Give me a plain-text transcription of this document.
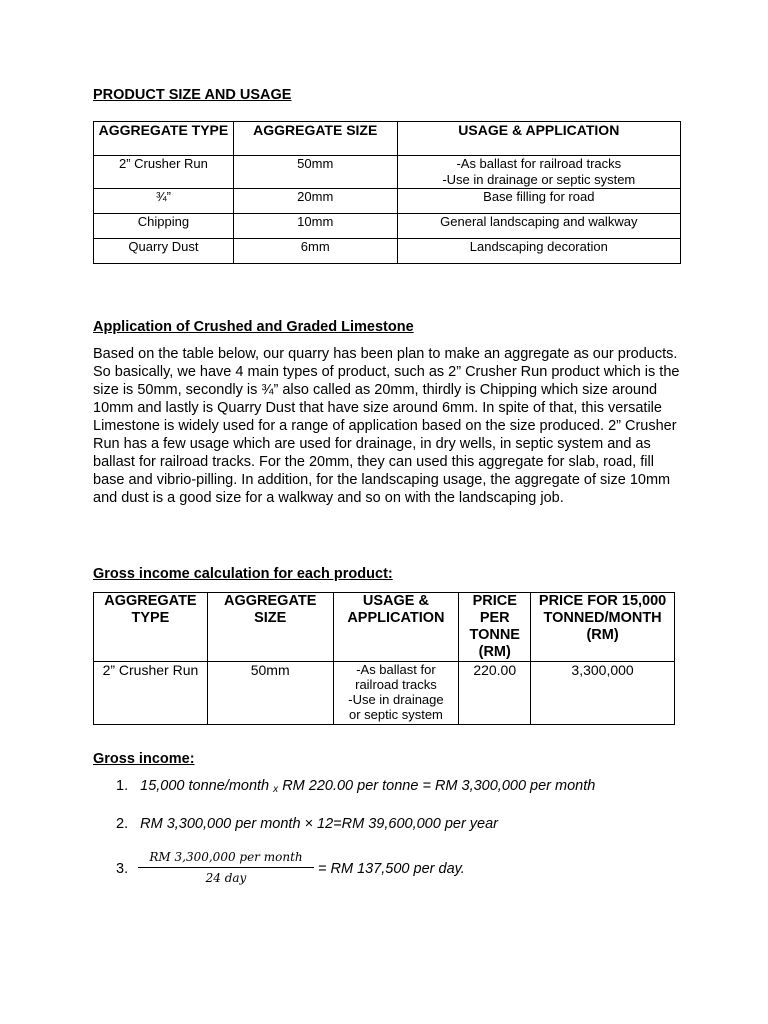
PRODUCT SIZE AND USAGE
AGGREGATE TYPE	AGGREGATE SIZE	USAGE & APPLICATION
2” Crusher Run	50mm	-As ballast for railroad tracks
-Use in drainage or septic system

¾”	20mm	Base filling for road
Chipping	10mm	General landscaping and walkway
Quarry Dust	6mm	Landscaping decoration
Application of Crushed and Graded Limestone
Based on the table below, our quarry has been plan to make an aggregate as our products. So basically, we have 4 main types of product, such as 2” Crusher Run product which is the size is 50mm, secondly is ¾” also called as 20mm, thirdly is Chipping which size around 10mm and lastly is Quarry Dust that have size around 6mm. In spite of that, this versatile Limestone is widely used for a range of application based on the size produced. 2” Crusher Run has a few usage which are used for drainage, in dry wells, in septic system and as ballast for railroad tracks. For the 20mm, they can used this aggregate for slab, road, fill base and vibrio-pilling. In addition, for the landscaping usage, the aggregate of size 10mm and dust is a good size for a walkway and so on with the landscaping job.
Gross income calculation for each product:
AGGREGATE TYPE	AGGREGATE SIZE	USAGE & APPLICATION	PRICE PER TONNE (RM)	PRICE FOR 15,000 TONNED/MONTH (RM)
2” Crusher Run	50mm	-As ballast for
railroad tracks
-Use in drainage
or septic system	220.00	3,300,000
Gross income:
1. 15,000 tonne/month x RM 220.00 per tonne = RM 3,300,000 per month
2. RM 3,300,000 per month × 12=RM 39,600,000 per year
3.
RM 3,300,000 per month
24 day
= RM 137,500 per day.
